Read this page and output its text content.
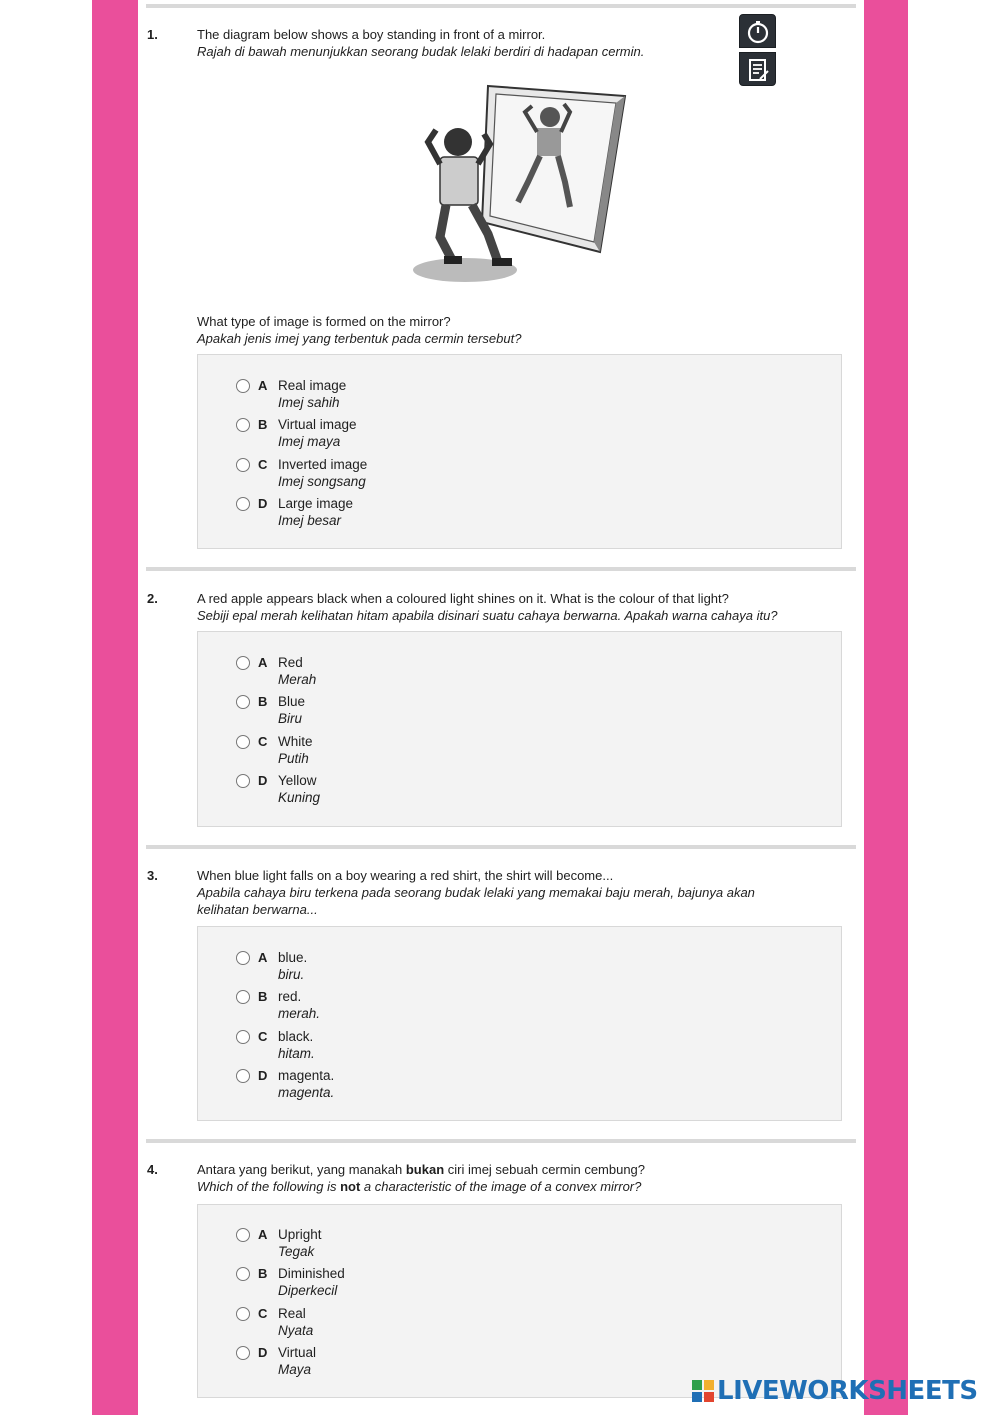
1.	The diagram below shows a boy standing in front of a mirror.
Rajah di bawah menunjukkan seorang budak lelaki berdiri di hadapan cermin.
What type of image is formed on the mirror?
Apakah jenis imej yang terbentuk pada cermin tersebut?
A Real image
Imej sahih
B Virtual image
Imej maya
C Inverted image
Imej songsang
D Large image
Imej besar
2.	A red apple appears black when a coloured light shines on it. What is the colour of that light?
Sebiji epal merah kelihatan hitam apabila disinari suatu cahaya berwarna. Apakah warna cahaya itu?
A Red
Merah
B Blue
Biru
C White
Putih
D Yellow
Kuning
3.	When blue light falls on a boy wearing a red shirt, the shirt will become...
Apabila cahaya biru terkena pada seorang budak lelaki yang memakai baju merah, bajunya akan kelihatan berwarna...
A blue.
biru.
B red.
merah.
C black.
hitam.
D magenta.
magenta.
4.	Antara yang berikut, yang manakah bukan ciri imej sebuah cermin cembung?
Which of the following is not a characteristic of the image of a convex mirror?
A Upright
Tegak
B Diminished
Diperkecil
C Real
Nyata
D Virtual
Maya
LIVEWORKSHEETS
